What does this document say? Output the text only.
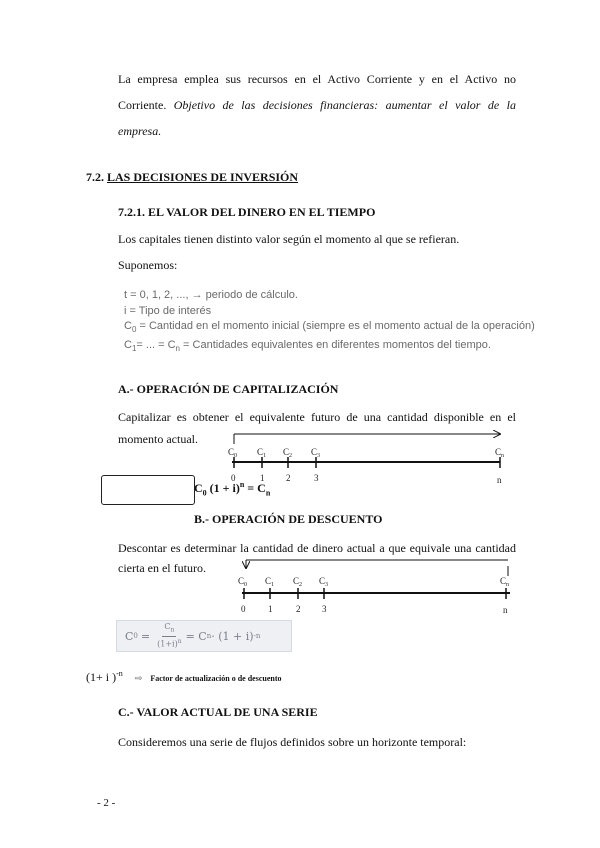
La empresa emplea sus recursos en el Activo Corriente y en el Activo no
Corriente. Objetivo de las decisiones financieras: aumentar el valor de la
empresa.
7.2. LAS DECISIONES DE INVERSIÓN
7.2.1. EL VALOR DEL DINERO EN EL TIEMPO
Los capitales tienen distinto valor según el momento al que se refieran.
Suponemos:
t = 0, 1, 2, ..., → periodo de cálculo.
i = Tipo de interés
$C_0$ = Cantidad en el momento inicial (siempre es el momento actual de la operación)
$C_1=$ ... = $C_n$ = Cantidades equivalentes en diferentes momentos del tiempo.
A.- OPERACIÓN DE CAPITALIZACIÓN
Capitalizar es obtener el equivalente futuro de una cantidad disponible en el
momento actual.
$C_0$ $C_1$ $C_2$ $C_3$	$C_n$
0	1 2	3	n
$C_0$ $(1 + i)^n = C_n$
B.- OPERACIÓN DE DESCUENTO
Descontar es determinar la cantidad de dinero actual a que equivale una cantidad
cierta en el futuro.
$C_0$ $C_1$ $C_2$ $C_3$	$C_n$
0	1	2 3	n
C $0 = \frac{C_n}{(1+i)^n} = C$ n · (1 + i) -n
(1+ i )$^{-n}$ ⇨ Factor de actualización o de descuento
C.- VALOR ACTUAL DE UNA SERIE
Consideremos una serie de flujos definidos sobre un horizonte temporal:
- 2 -
